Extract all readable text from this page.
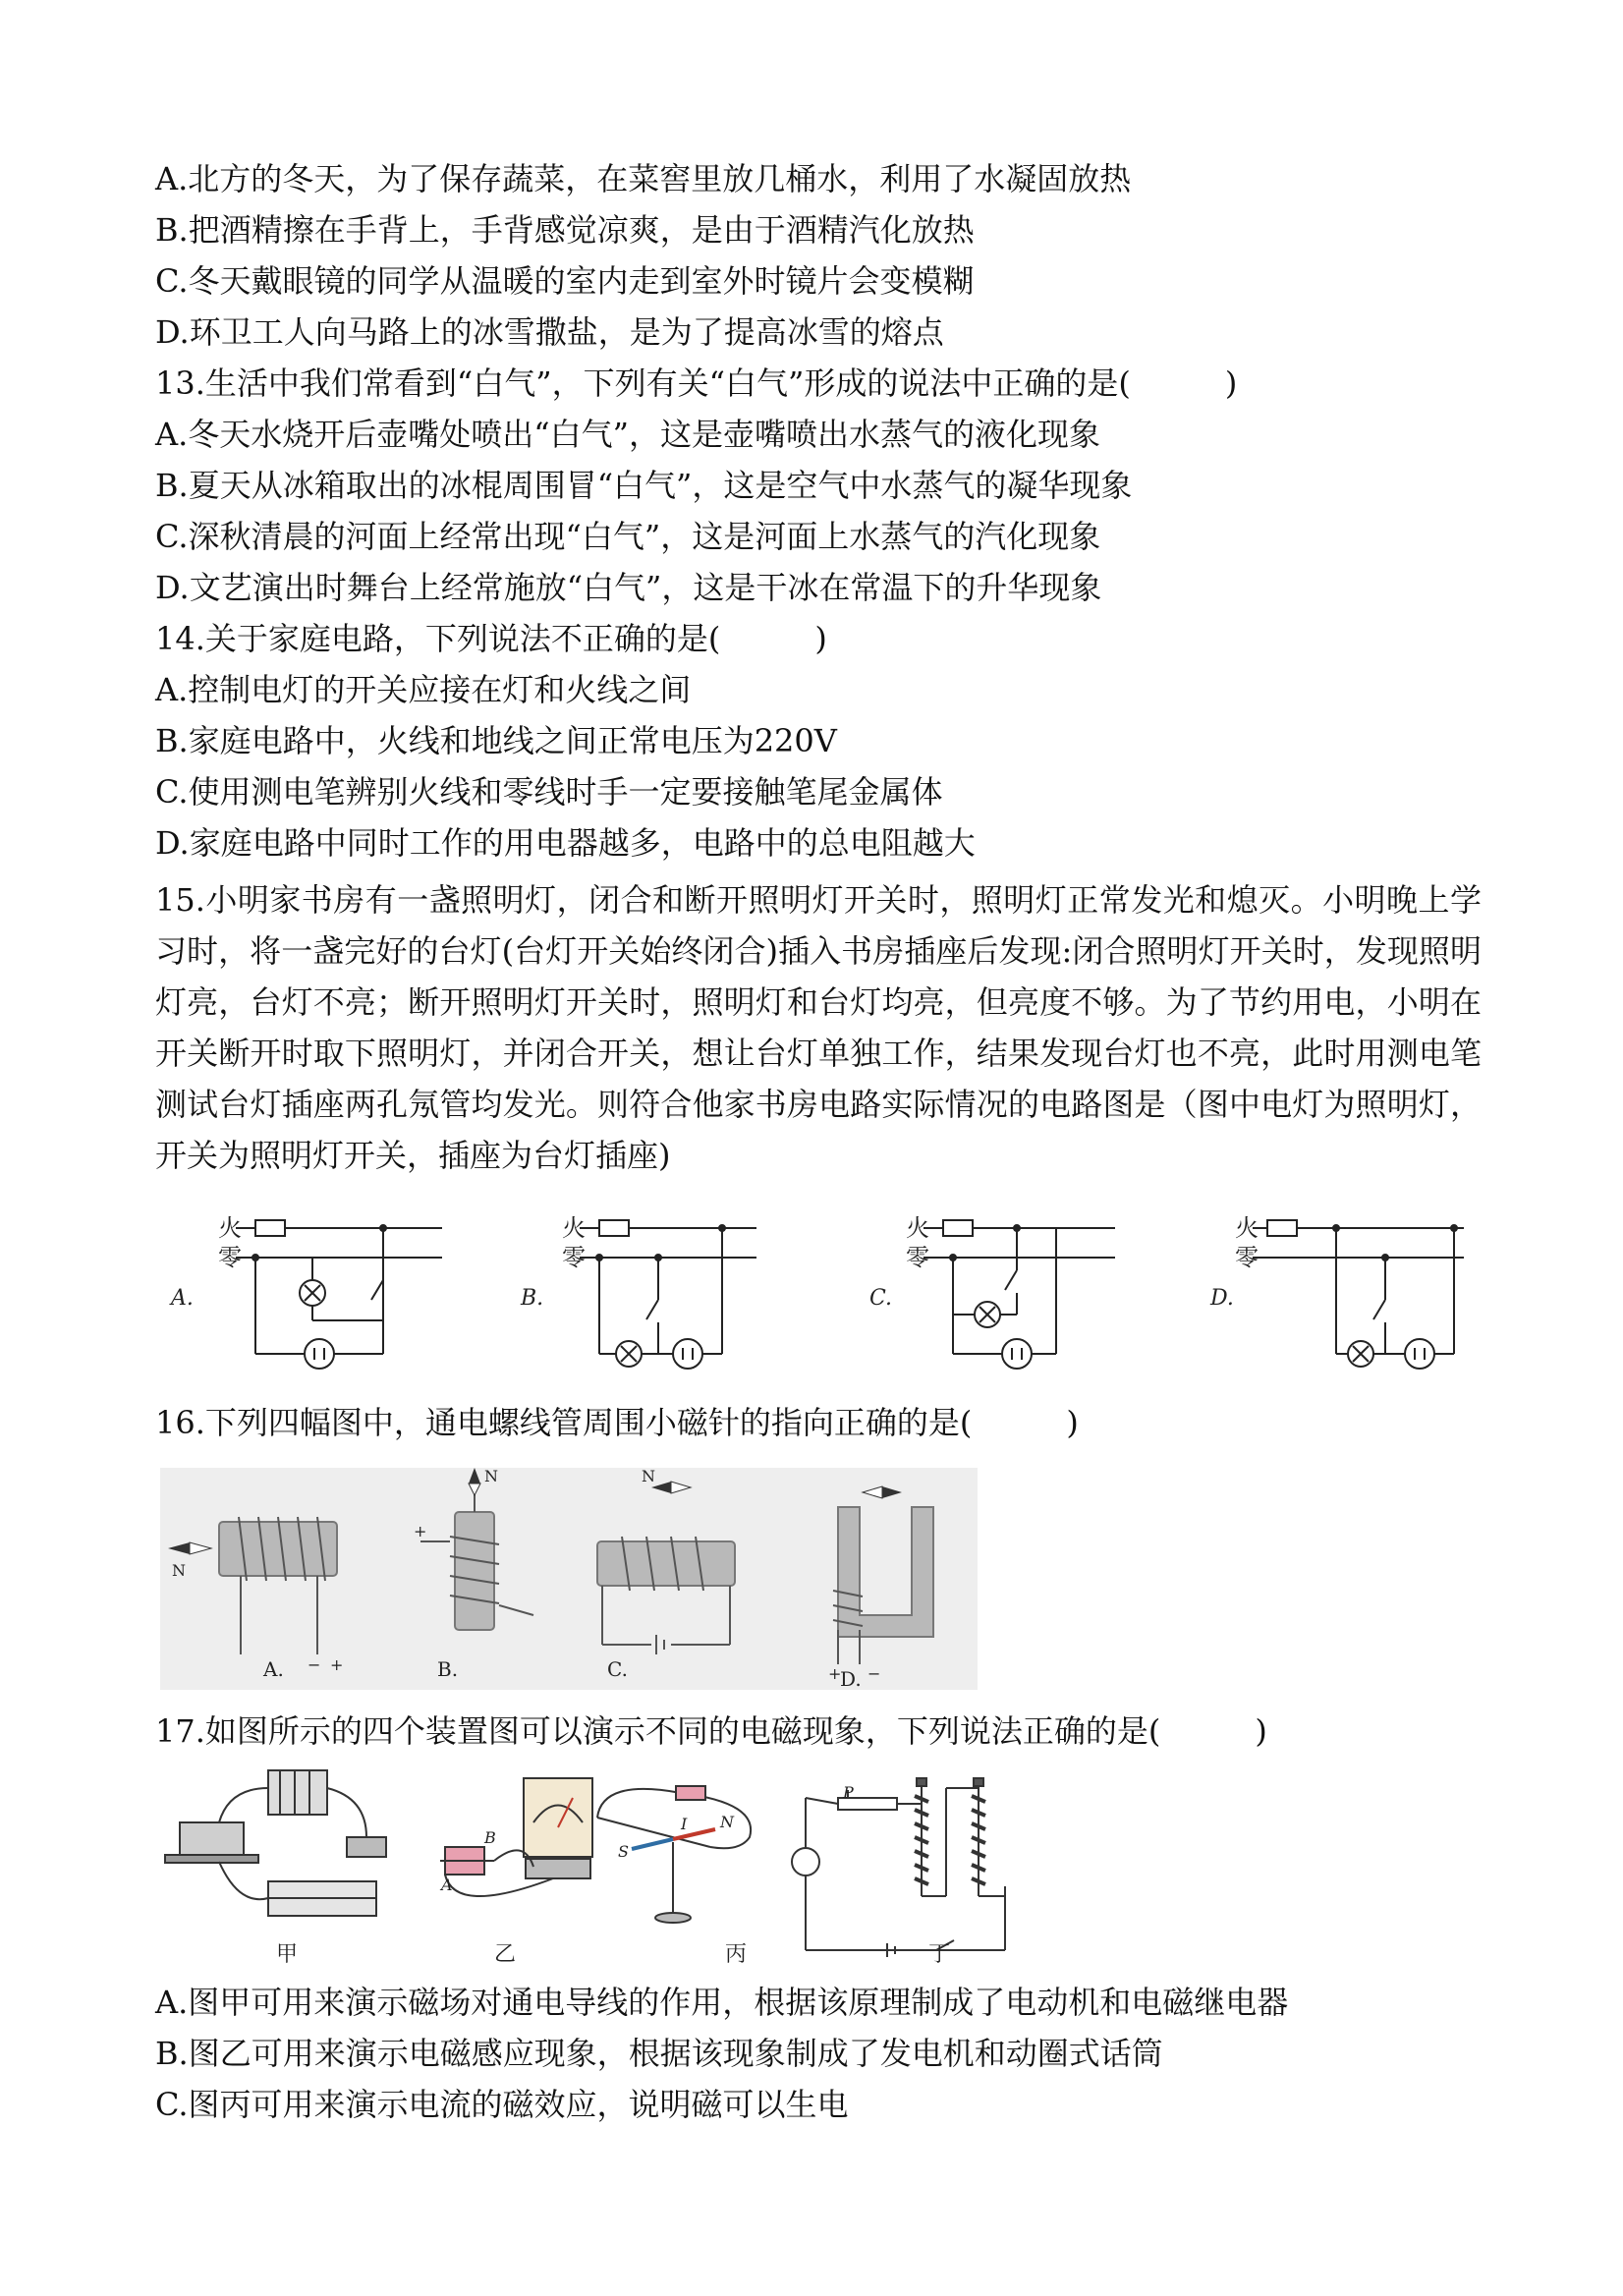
A.北方的冬天，为了保存蔬菜，在菜窖里放几桶水，利用了水凝固放热
B.把酒精擦在手背上，手背感觉凉爽，是由于酒精汽化放热
C.冬天戴眼镜的同学从温暖的室内走到室外时镜片会变模糊
D.环卫工人向马路上的冰雪撒盐，是为了提高冰雪的熔点
13.生活中我们常看到“白气”，下列有关“白气”形成的说法中正确的是(　　　)
A.冬天水烧开后壶嘴处喷出“白气”，这是壶嘴喷出水蒸气的液化现象
B.夏天从冰箱取出的冰棍周围冒“白气”，这是空气中水蒸气的凝华现象
C.深秋清晨的河面上经常出现“白气”，这是河面上水蒸气的汽化现象
D.文艺演出时舞台上经常施放“白气”，这是干冰在常温下的升华现象
14.关于家庭电路，下列说法不正确的是(　　　)
A.控制电灯的开关应接在灯和火线之间
B.家庭电路中，火线和地线之间正常电压为220V
C.使用测电笔辨别火线和零线时手一定要接触笔尾金属体
D.家庭电路中同时工作的用电器越多，电路中的总电阻越大
15.小明家书房有一盏照明灯，闭合和断开照明灯开关时，照明灯正常发光和熄灭。小明晚上学习时，将一盏完好的台灯(台灯开关始终闭合)插入书房插座后发现:闭合照明灯开关时，发现照明灯亮，台灯不亮；断开照明灯开关时，照明灯和台灯均亮，但亮度不够。为了节约用电，小明在开关断开时取下照明灯，并闭合开关，想让台灯单独工作，结果发现台灯也不亮，此时用测电笔测试台灯插座两孔氖管均发光。则符合他家书房电路实际情况的电路图是（图中电灯为照明灯，开关为照明灯开关，插座为台灯插座)
火
零
火
零
火
零
火
零
A.	B.	C.	D.
16.下列四幅图中，通电螺线管周围小磁针的指向正确的是(　　　)
N
N	N
− +
+
+ −
A.	B.	C.	D.
17.如图所示的四个装置图可以演示不同的电磁现象，下列说法正确的是(　　　)
I
S
N
P
A
B
甲	乙	丙	丁
A.图甲可用来演示磁场对通电导线的作用，根据该原理制成了电动机和电磁继电器
B.图乙可用来演示电磁感应现象，根据该现象制成了发电机和动圈式话筒
C.图丙可用来演示电流的磁效应，说明磁可以生电
